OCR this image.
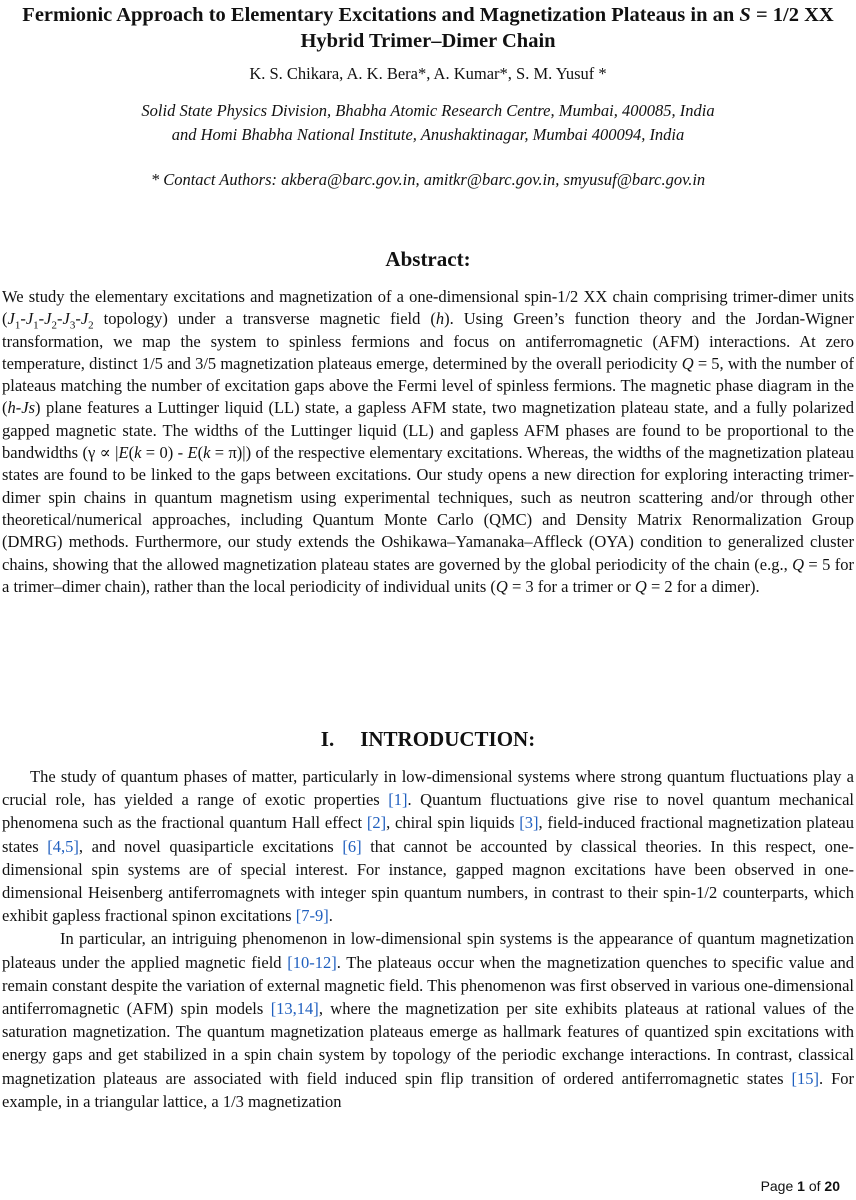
Fermionic Approach to Elementary Excitations and Magnetization Plateaus in an S = 1/2 XX Hybrid Trimer–Dimer Chain
K. S. Chikara, A. K. Bera*, A. Kumar*, S. M. Yusuf *
Solid State Physics Division, Bhabha Atomic Research Centre, Mumbai, 400085, India
and Homi Bhabha National Institute, Anushaktinagar, Mumbai 400094, India
* Contact Authors: akbera@barc.gov.in, amitkr@barc.gov.in, smyusuf@barc.gov.in
Abstract:

We study the elementary excitations and magnetization of a one-dimensional spin-1/2 XX chain comprising trimer-dimer units ($J_1-J_1-J_2-J_3-J_2$ topology) under a transverse magnetic field (h). Using Green’s function theory and the Jordan-Wigner transformation, we map the system to spinless fermions and focus on antiferromagnetic (AFM) interactions. At zero temperature, distinct 1/5 and 3/5 magnetization plateaus emerge, determined by the overall periodicity Q = 5, with the number of plateaus matching the number of excitation gaps above the Fermi level of spinless fermions. The magnetic phase diagram in the (h-Js) plane features a Luttinger liquid (LL) state, a gapless AFM state, two magnetization plateau state, and a fully polarized gapped magnetic state. The widths of the Luttinger liquid (LL) and gapless AFM phases are found to be proportional to the bandwidths (γ ∝ |E(k = 0) - E(k = π)|) of the respective elementary excitations. Whereas, the widths of the magnetization plateau states are found to be linked to the gaps between excitations. Our study opens a new direction for exploring interacting trimer-dimer spin chains in quantum magnetism using experimental techniques, such as neutron scattering and/or through other theoretical/numerical approaches, including Quantum Monte Carlo (QMC) and Density Matrix Renormalization Group (DMRG) methods. Furthermore, our study extends the Oshikawa–Yamanaka–Affleck (OYA) condition to generalized cluster chains, showing that the allowed magnetization plateau states are governed by the global periodicity of the chain (e.g., Q = 5 for a trimer–dimer chain), rather than the local periodicity of individual units (Q = 3 for a trimer or Q = 2 for a dimer).

I. INTRODUCTION:

The study of quantum phases of matter, particularly in low-dimensional systems where strong quantum fluctuations play a crucial role, has yielded a range of exotic properties [1]. Quantum fluctuations give rise to novel quantum mechanical phenomena such as the fractional quantum Hall effect [2], chiral spin liquids [3], field-induced fractional magnetization plateau states [4,5], and novel quasiparticle excitations [6] that cannot be accounted by classical theories. In this respect, one-dimensional spin systems are of special interest. For instance, gapped magnon excitations have been observed in one-dimensional Heisenberg antiferromagnets with integer spin quantum numbers, in contrast to their spin-1/2 counterparts, which exhibit gapless fractional spinon excitations [7-9].

In particular, an intriguing phenomenon in low-dimensional spin systems is the appearance of quantum magnetization plateaus under the applied magnetic field [10-12]. The plateaus occur when the magnetization quenches to specific value and remain constant despite the variation of external magnetic field. This phenomenon was first observed in various one-dimensional antiferromagnetic (AFM) spin models [13,14], where the magnetization per site exhibits plateaus at rational values of the saturation magnetization. The quantum magnetization plateaus emerge as hallmark features of quantized spin excitations with energy gaps and get stabilized in a spin chain system by topology of the periodic exchange interactions. In contrast, classical magnetization plateaus are associated with field induced spin flip transition of ordered antiferromagnetic states [15]. For example, in a triangular lattice, a 1/3 magnetization

Page 1 of 20
